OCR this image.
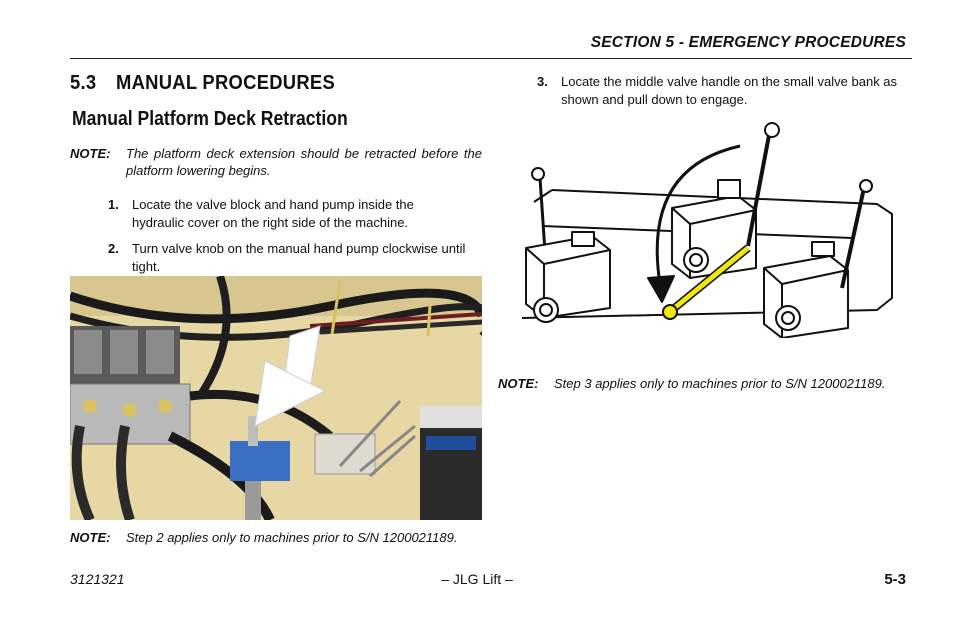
SECTION 5 - EMERGENCY PROCEDURES
5.3 MANUAL PROCEDURES
Manual Platform Deck Retraction
NOTE: The platform deck extension should be retracted before the platform lowering begins.
1. Locate the valve block and hand pump inside the hydraulic cover on the right side of the machine.
2. Turn valve knob on the manual hand pump clockwise until tight.
NOTE: Step 2 applies only to machines prior to S/N 1200021189.
3. Locate the middle valve handle on the small valve bank as shown and pull down to engage.
NOTE: Step 3 applies only to machines prior to S/N 1200021189.
3121321	– JLG Lift –	5-3
